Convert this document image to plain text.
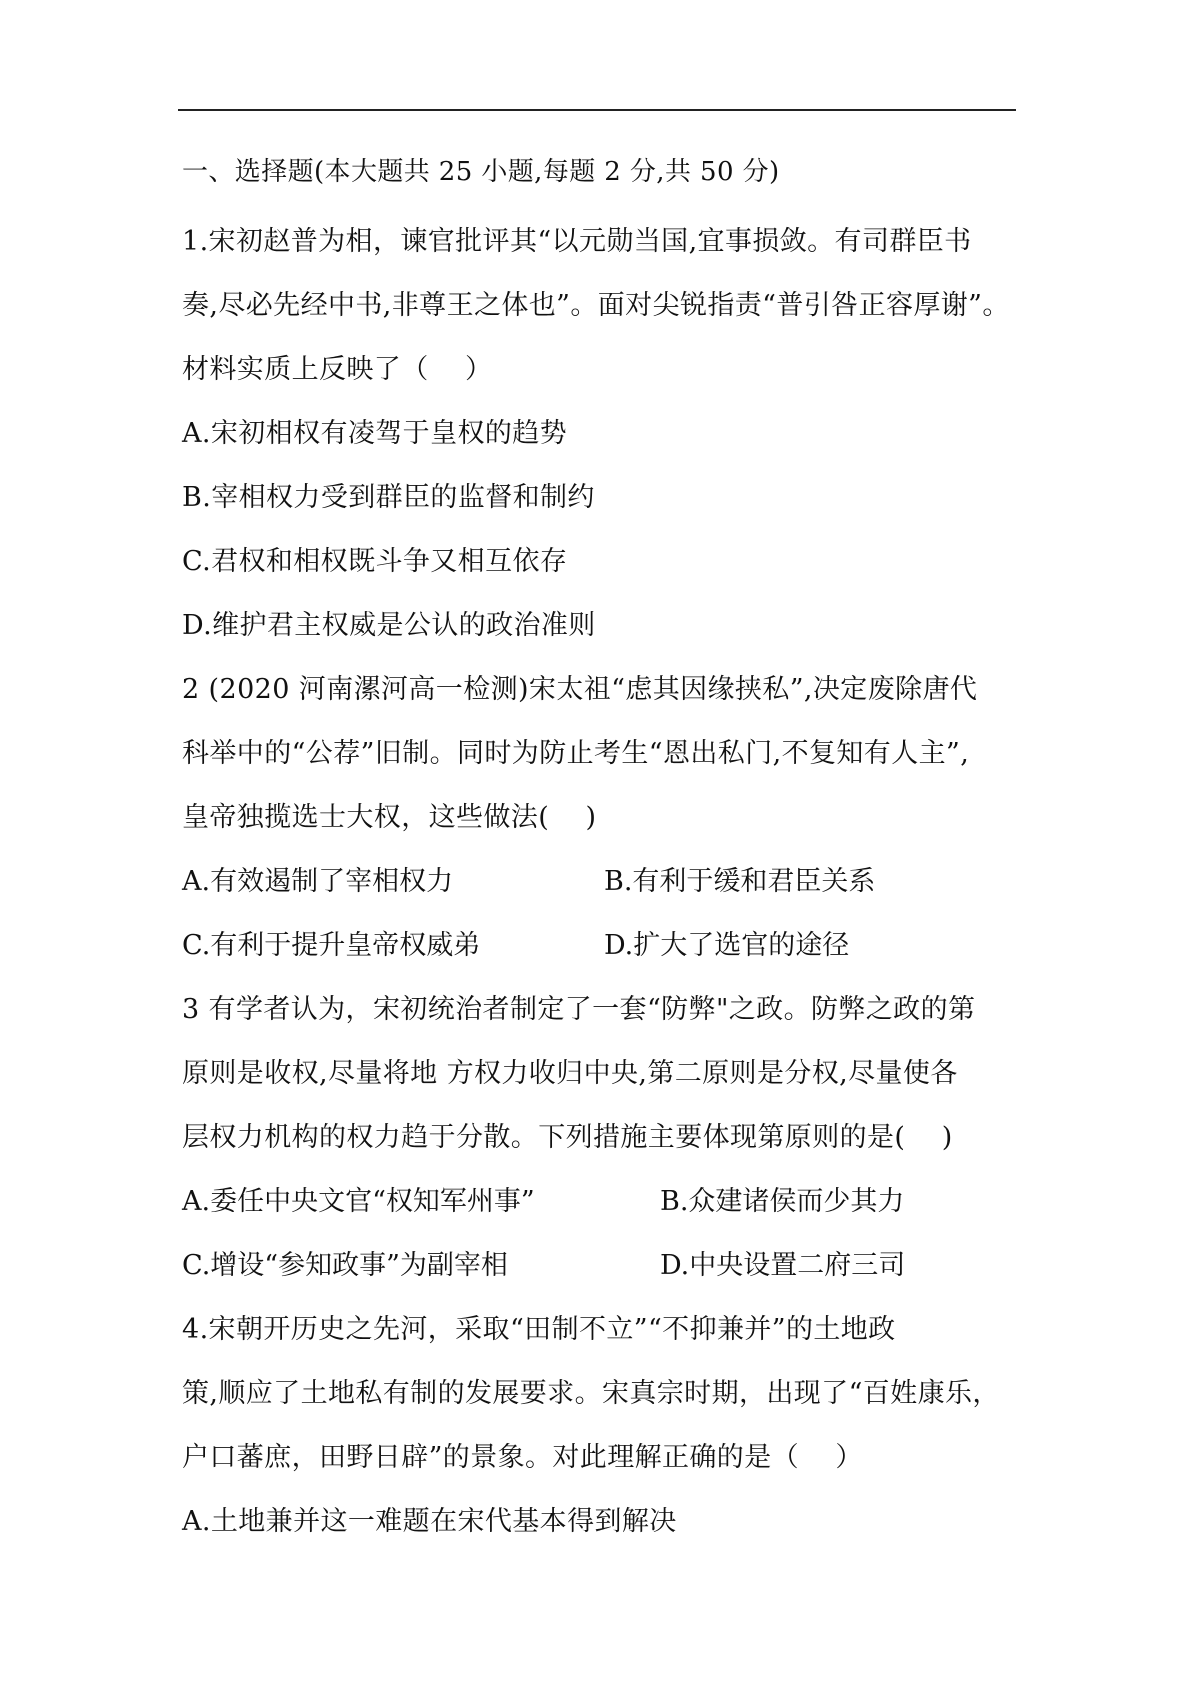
一、选择题(本大题共 25 小题,每题 2 分,共 50 分)
1.宋初赵普为相，谏官批评其“以元勋当国,宜事损敛。有司群臣书
奏,尽必先经中书,非尊王之体也”。面对尖锐指责“普引咎正容厚谢”。
材料实质上反映了（　 ）
A.宋初相权有凌驾于皇权的趋势
B.宰相权力受到群臣的监督和制约
C.君权和相权既斗争又相互依存
D.维护君主权威是公认的政治准则
2 (2020 河南漯河高一检测)宋太祖“虑其因缘挟私”,决定废除唐代
科举中的“公荐”旧制。同时为防止考生“恩出私门,不复知有人主”,
皇帝独揽选士大权，这些做法(　 )
A.有效遏制了宰相权力	B.有利于缓和君臣关系
C.有利于提升皇帝权威弟	D.扩大了选官的途径
3 有学者认为，宋初统治者制定了一套“防弊"之政。防弊之政的第
原则是收权,尽量将地 方权力收归中央,第二原则是分权,尽量使各
层权力机构的权力趋于分散。下列措施主要体现第原则的是(　 )
A.委任中央文官“权知军州事”	B.众建诸侯而少其力
C.增设“参知政事”为副宰相	D.中央设置二府三司
4.宋朝开历史之先河，采取“田制不立”“不抑兼并”的土地政
策,顺应了土地私有制的发展要求。宋真宗时期，出现了“百姓康乐，
户口蕃庶，田野日辟”的景象。对此理解正确的是（　 ）
A.土地兼并这一难题在宋代基本得到解决
